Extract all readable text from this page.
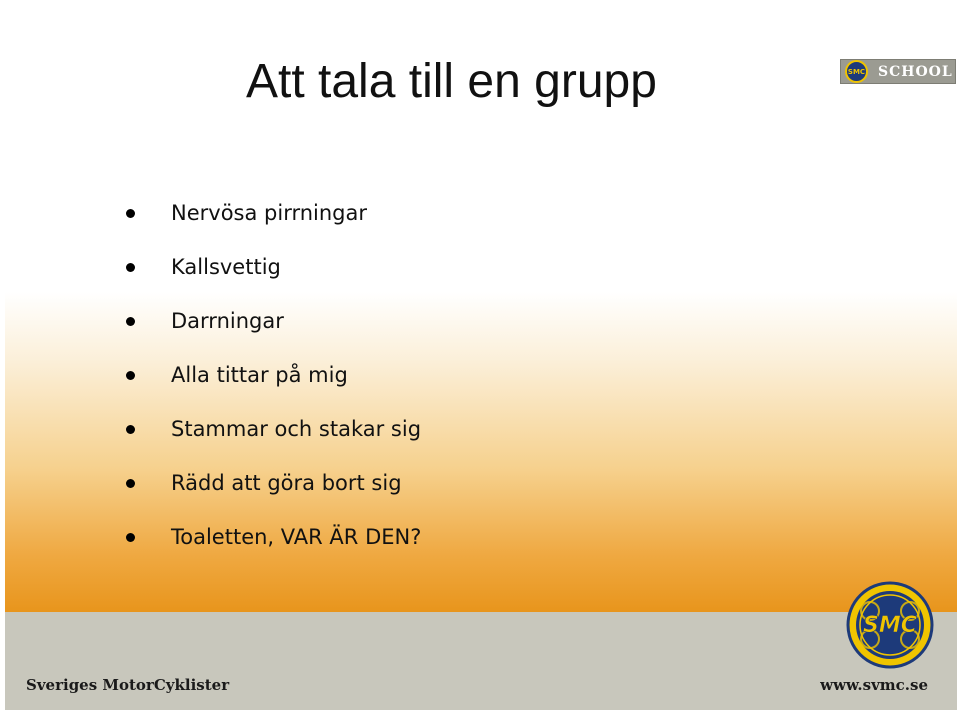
Att tala till en grupp	SMC SCHOOL
Nervösa pirrningar
Kallsvettig
Darrningar
Alla tittar på mig
Stammar och stakar sig
Rädd att göra bort sig
Toaletten, VAR ÄR DEN?
SMC
Sveriges MotorCyklister	www.svmc.se
